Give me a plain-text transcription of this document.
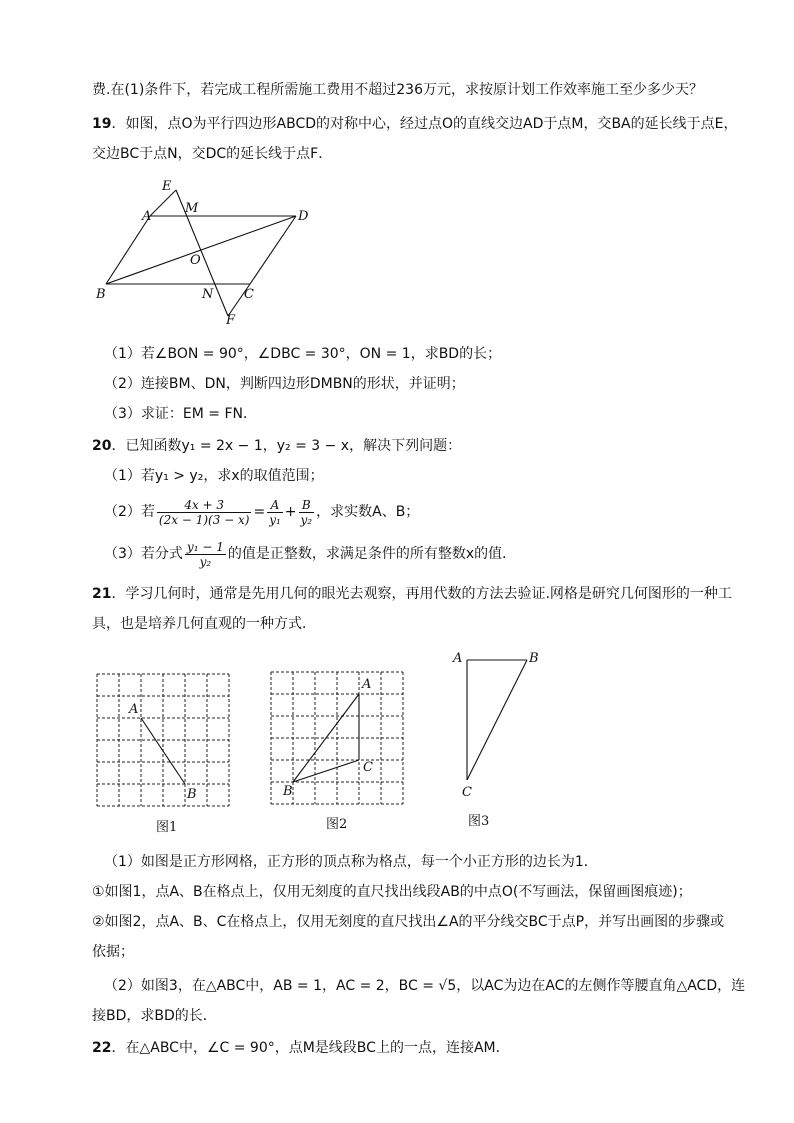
费.在(1)条件下，若完成工程所需施工费用不超过236万元，求按原计划工作效率施工至少多少天？
19．如图，点O为平行四边形ABCD的对称中心，经过点O的直线交边AD于点M，交BA的延长线于点E，
交边BC于点N，交DC的延长线于点F．
E
A
M
D
O
B	N C
F
（1）若∠BON = 90°，∠DBC = 30°，ON = 1，求BD的长；
（2）连接BM、DN，判断四边形DMBN的形状，并证明；
（3）求证：EM = FN．
20．已知函数y₁ = 2x − 1，y₂ = 3 − x，解决下列问题：
（1）若y₁ > y₂，求x的取值范围；
（2）若 $\frac{4x + 3}{(2x - 1)(3 - x)} = \frac{A}{\text{y₁}} + \frac{B}{\text{y₂}}$ ，求实数A、B；
（3）若分式 $\frac{\text{y₁ − 1}}{\text{y₂}}$ 的值是正整数，求满足条件的所有整数x的值．
21．学习几何时，通常是先用几何的眼光去观察，再用代数的方法去验证.网格是研究几何图形的一种工
具，也是培养几何直观的一种方式．
A
B
图1
A
B
C
图2
A	B
C
图3
（1）如图是正方形网格，正方形的顶点称为格点，每一个小正方形的边长为1．
①如图1，点A、B在格点上，仅用无刻度的直尺找出线段AB的中点O(不写画法，保留画图痕迹)；
②如图2，点A、B、C在格点上，仅用无刻度的直尺找出∠A的平分线交BC于点P，并写出画图的步骤或
依据；
（2）如图3，在△ABC中，AB = 1，AC = 2，BC = √5，以AC为边在AC的左侧作等腰直角△ACD，连
接BD，求BD的长．
22．在△ABC中，∠C = 90°，点M是线段BC上的一点，连接AM．
